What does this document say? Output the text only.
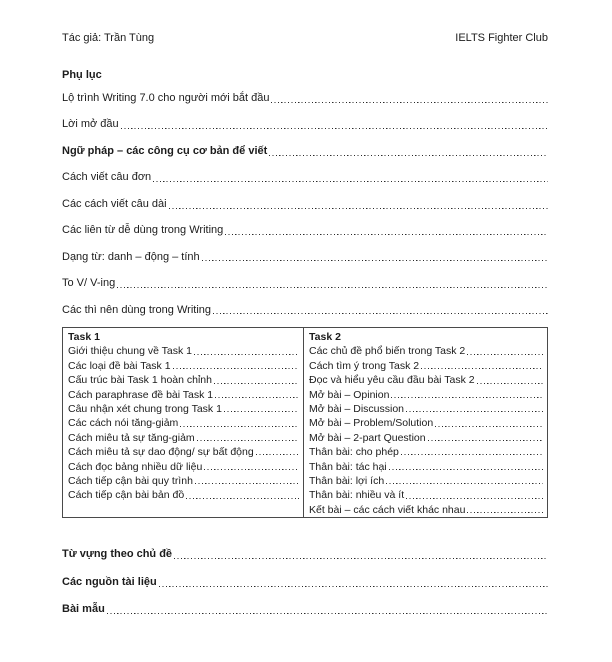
Tác giả: Trần Tùng	IELTS Fighter Club
Phụ lục
Lộ trình Writing 7.0 cho người mới bắt đầu
Lời mở đầu
Ngữ pháp – các công cụ cơ bản để viết
Cách viết câu đơn
Các cách viết câu dài
Các liên từ dễ dùng trong Writing
Dạng từ: danh – động – tính
To V/ V-ing
Các thì nên dùng trong Writing
Task 1
Giới thiệu chung về Task 1
Các loại đề bài Task 1
Cấu trúc bài Task 1 hoàn chỉnh
Cách paraphrase đề bài Task 1
Câu nhận xét chung trong Task 1
Các cách nói tăng-giảm
Cách miêu tả sự tăng-giảm
Cách miêu tả sự dao động/ sự bất động
Cách đọc bảng nhiều dữ liệu
Cách tiếp cận bài quy trình
Cách tiếp cận bài bản đồ
Task 2
Các chủ đề phổ biến trong Task 2
Cách tìm ý trong Task 2
Đọc và hiểu yêu cầu đầu bài Task 2
Mở bài – Opinion
Mở bài – Discussion
Mở bài – Problem/Solution
Mở bài – 2-part Question
Thân bài: cho phép
Thân bài: tác hại
Thân bài: lợi ích
Thân bài: nhiều và ít
Kết bài – các cách viết khác nhau
Từ vựng theo chủ đề
Các nguồn tài liệu
Bài mẫu
